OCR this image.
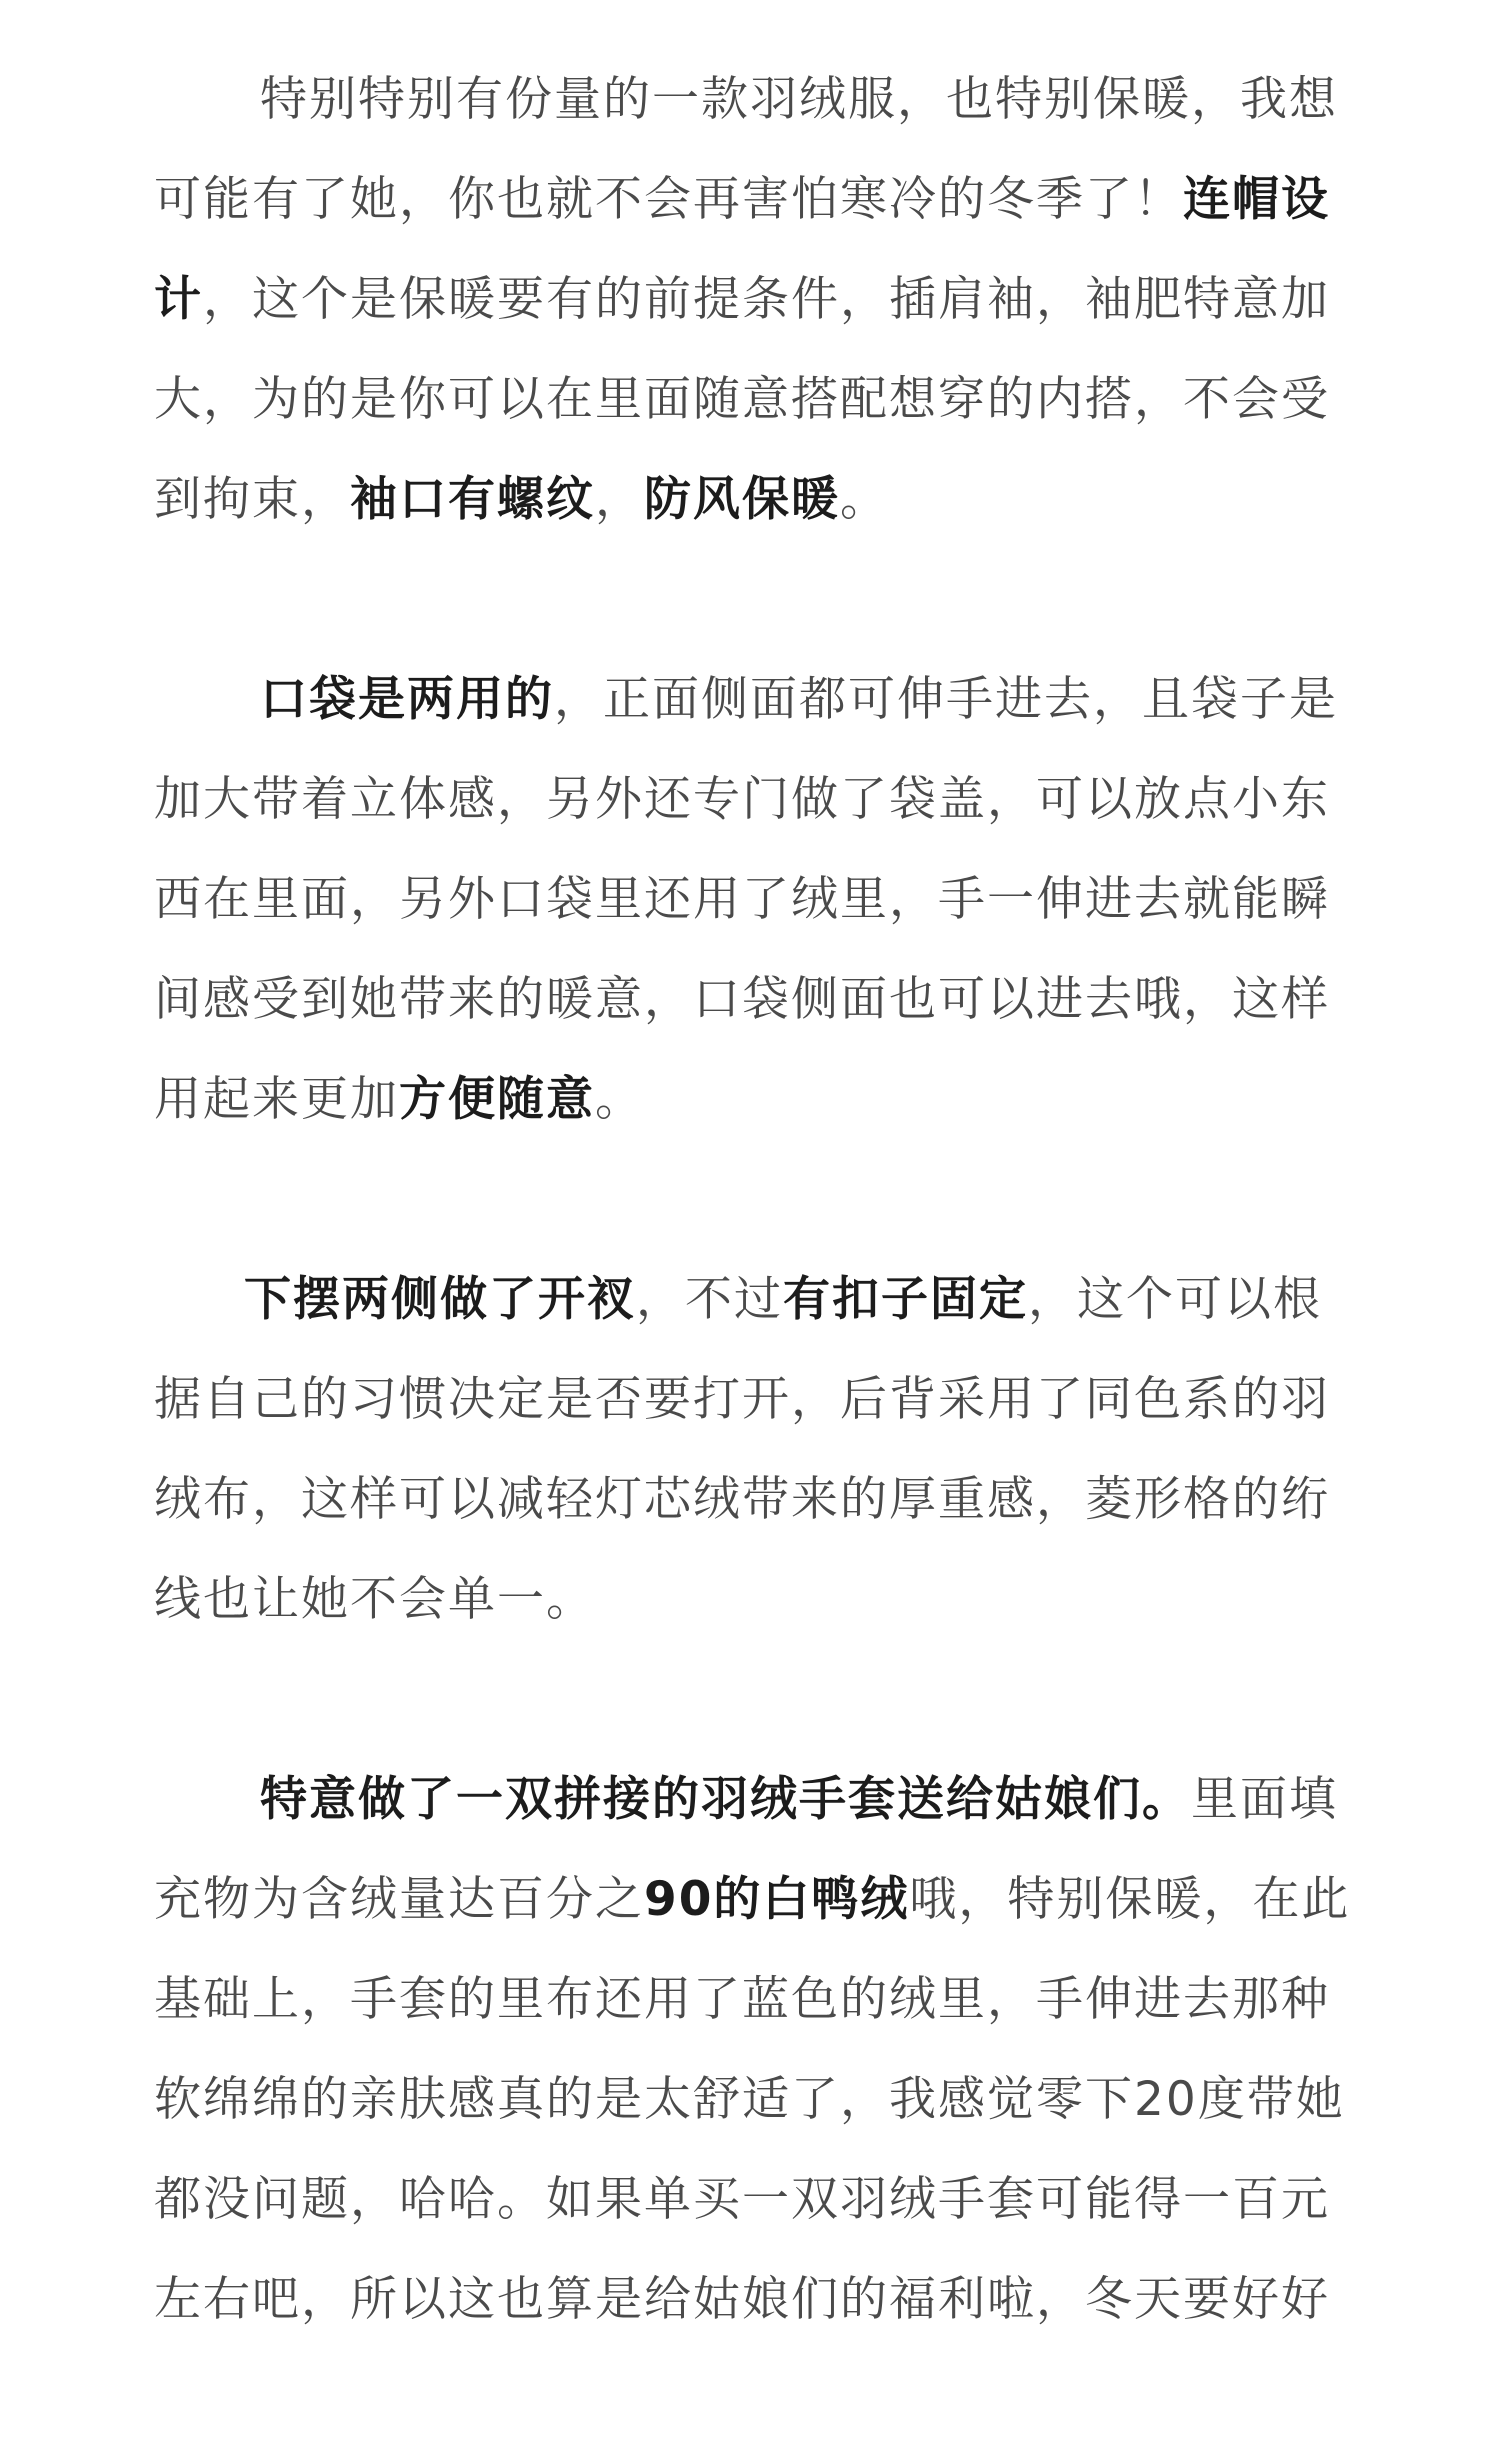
特别特别有份量的一款羽绒服，也特别保暖，我想可能有了她，你也就不会再害怕寒冷的冬季了！连帽设计，这个是保暖要有的前提条件，插肩袖，袖肥特意加大，为的是你可以在里面随意搭配想穿的内搭，不会受到拘束，袖口有螺纹，防风保暖。

口袋是两用的，正面侧面都可伸手进去，且袋子是加大带着立体感，另外还专门做了袋盖，可以放点小东西在里面，另外口袋里还用了绒里，手一伸进去就能瞬间感受到她带来的暖意，口袋侧面也可以进去哦，这样用起来更加方便随意。

下摆两侧做了开衩，不过有扣子固定，这个可以根据自己的习惯决定是否要打开，后背采用了同色系的羽绒布，这样可以减轻灯芯绒带来的厚重感，菱形格的绗线也让她不会单一。

特意做了一双拼接的羽绒手套送给姑娘们。里面填充物为含绒量达百分之90的白鸭绒哦，特别保暖，在此基础上，手套的里布还用了蓝色的绒里，手伸进去那种软绵绵的亲肤感真的是太舒适了，我感觉零下20度带她都没问题，哈哈。如果单买一双羽绒手套可能得一百元左右吧，所以这也算是给姑娘们的福利啦，冬天要好好
